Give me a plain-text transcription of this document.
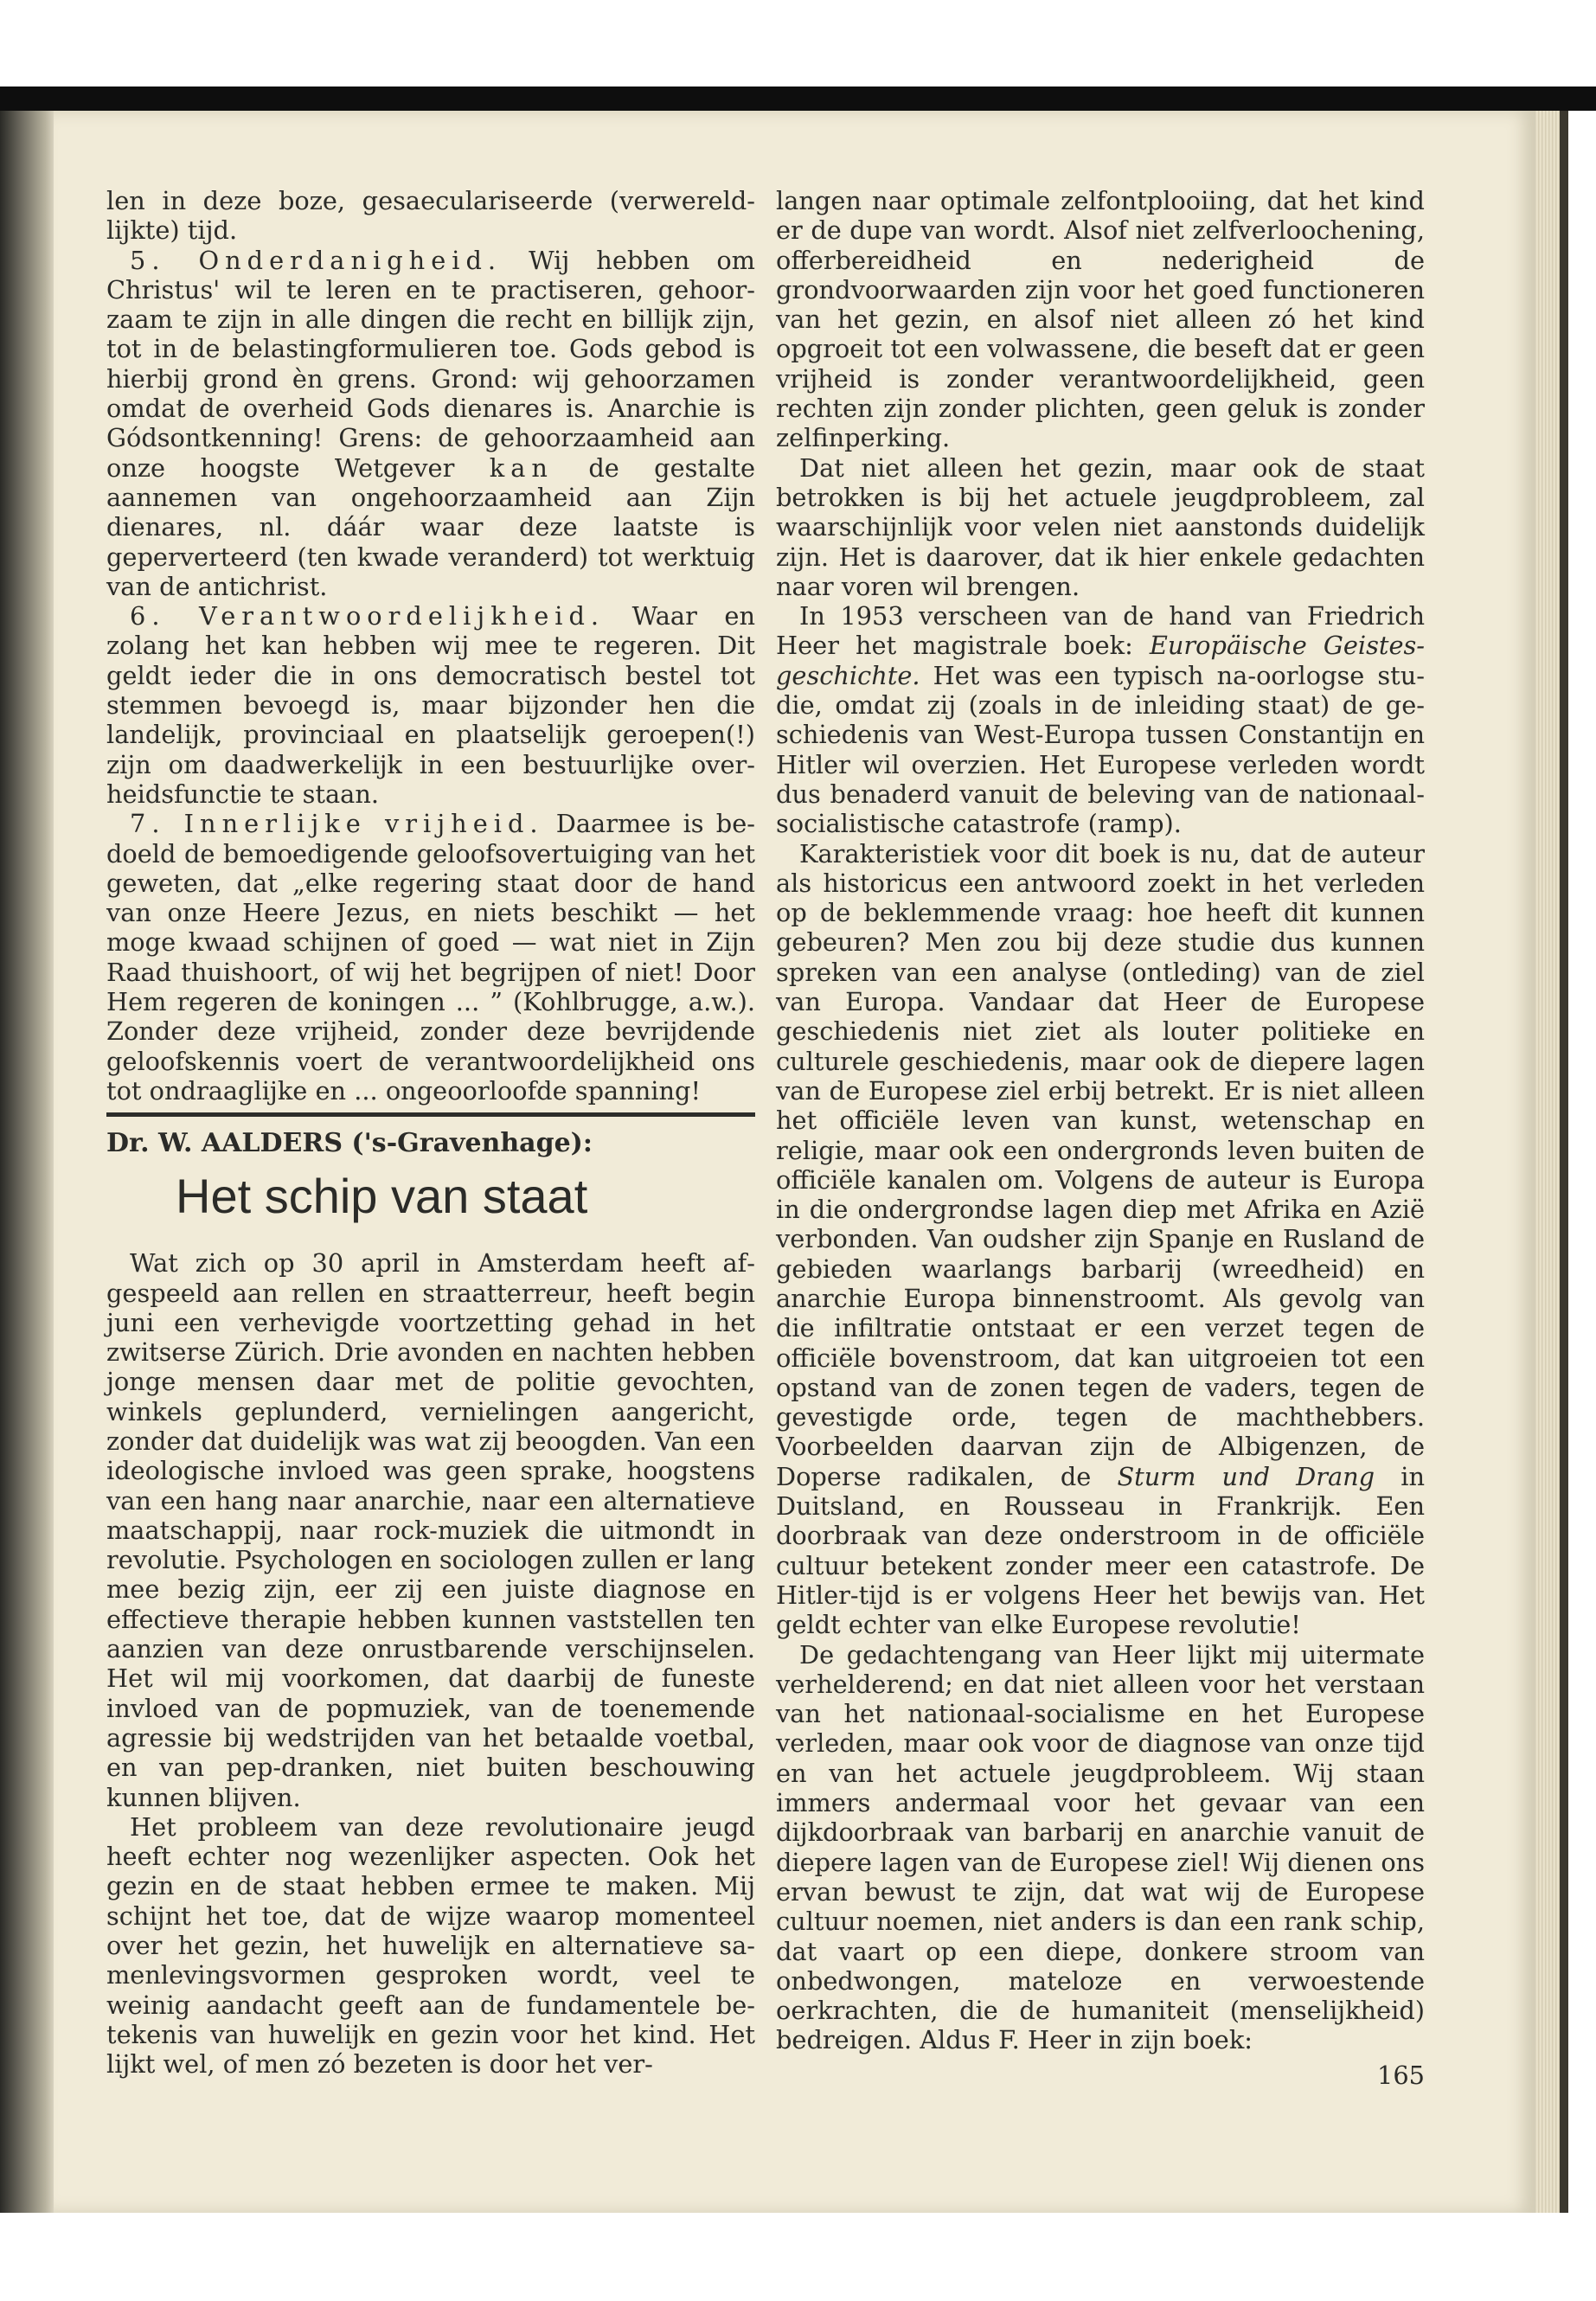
len in deze boze, gesaeculariseerde (verwereldlijkte) tijd.

5. Onderdanigheid. Wij hebben om Christus' wil te leren en te practiseren, gehoorzaam te zijn in alle dingen die recht en billijk zijn, tot in de belastingformulieren toe. Gods gebod is hierbij grond èn grens. Grond: wij gehoorzamen omdat de overheid Gods dienares is. Anarchie is Gódsontkenning! Grens: de gehoorzaamheid aan onze hoogste Wetgever kan de gestalte aannemen van ongehoorzaamheid aan Zijn dienares, nl. dáár waar deze laatste is geperverteerd (ten kwade veranderd) tot werktuig van de antichrist.

6. Verantwoordelijkheid. Waar en zolang het kan hebben wij mee te regeren. Dit geldt ieder die in ons democratisch bestel tot stemmen bevoegd is, maar bijzonder hen die landelijk, provinciaal en plaatselijk geroepen(!) zijn om daadwerkelijk in een bestuurlijke overheidsfunctie te staan.

7. Innerlijke vrijheid. Daarmee is bedoeld de bemoedigende geloofsovertuiging van het geweten, dat „elke regering staat door de hand van onze Heere Jezus, en niets beschikt — het moge kwaad schijnen of goed — wat niet in Zijn Raad thuishoort, of wij het begrijpen of niet! Door Hem regeren de koningen ... ” (Kohlbrugge, a.w.). Zonder deze vrijheid, zonder deze bevrijdende geloofskennis voert de verantwoordelijkheid ons tot ondraaglijke en ... ongeoorloofde spanning!

Dr. W. AALDERS ('s-Gravenhage):
Het schip van staat

Wat zich op 30 april in Amsterdam heeft afgespeeld aan rellen en straatterreur, heeft begin juni een verhevigde voortzetting gehad in het zwitserse Zürich. Drie avonden en nachten hebben jonge mensen daar met de politie gevochten, winkels geplunderd, vernielingen aangericht, zonder dat duidelijk was wat zij beoogden. Van een ideologische invloed was geen sprake, hoogstens van een hang naar anarchie, naar een alternatieve maatschappij, naar rock-muziek die uitmondt in revolutie. Psychologen en sociologen zullen er lang mee bezig zijn, eer zij een juiste diagnose en effectieve therapie hebben kunnen vaststellen ten aanzien van deze onrustbarende verschijnselen. Het wil mij voorkomen, dat daarbij de funeste invloed van de popmuziek, van de toenemende agressie bij wedstrijden van het betaalde voetbal, en van pep-dranken, niet buiten beschouwing kunnen blijven.

Het probleem van deze revolutionaire jeugd heeft echter nog wezenlijker aspecten. Ook het gezin en de staat hebben ermee te maken. Mij schijnt het toe, dat de wijze waarop momenteel over het gezin, het huwelijk en alternatieve samenlevingsvormen gesproken wordt, veel te weinig aandacht geeft aan de fundamentele betekenis van huwelijk en gezin voor het kind. Het lijkt wel, of men zó bezeten is door het ver-

langen naar optimale zelfontplooiing, dat het kind er de dupe van wordt. Alsof niet zelfverloochening, offerbereidheid en nederigheid de grondvoorwaarden zijn voor het goed functioneren van het gezin, en alsof niet alleen zó het kind opgroeit tot een volwassene, die beseft dat er geen vrijheid is zonder verantwoordelijkheid, geen rechten zijn zonder plichten, geen geluk is zonder zelfinperking.

Dat niet alleen het gezin, maar ook de staat betrokken is bij het actuele jeugdprobleem, zal waarschijnlijk voor velen niet aanstonds duidelijk zijn. Het is daarover, dat ik hier enkele gedachten naar voren wil brengen.

In 1953 verscheen van de hand van Friedrich Heer het magistrale boek: Europäische Geistesgeschichte. Het was een typisch na-oorlogse studie, omdat zij (zoals in de inleiding staat) de geschiedenis van West-Europa tussen Constantijn en Hitler wil overzien. Het Europese verleden wordt dus benaderd vanuit de beleving van de nationaal-socialistische catastrofe (ramp).

Karakteristiek voor dit boek is nu, dat de auteur als historicus een antwoord zoekt in het verleden op de beklemmende vraag: hoe heeft dit kunnen gebeuren? Men zou bij deze studie dus kunnen spreken van een analyse (ontleding) van de ziel van Europa. Vandaar dat Heer de Europese geschiedenis niet ziet als louter politieke en culturele geschiedenis, maar ook de diepere lagen van de Europese ziel erbij betrekt. Er is niet alleen het officiële leven van kunst, wetenschap en religie, maar ook een ondergronds leven buiten de officiële kanalen om. Volgens de auteur is Europa in die ondergrondse lagen diep met Afrika en Azië verbonden. Van oudsher zijn Spanje en Rusland de gebieden waarlangs barbarij (wreedheid) en anarchie Europa binnenstroomt. Als gevolg van die infiltratie ontstaat er een verzet tegen de officiële bovenstroom, dat kan uitgroeien tot een opstand van de zonen tegen de vaders, tegen de gevestigde orde, tegen de machthebbers. Voorbeelden daarvan zijn de Albigenzen, de Doperse radikalen, de Sturm und Drang in Duitsland, en Rousseau in Frankrijk. Een doorbraak van deze onderstroom in de officiële cultuur betekent zonder meer een catastrofe. De Hitler-tijd is er volgens Heer het bewijs van. Het geldt echter van elke Europese revolutie!

De gedachtengang van Heer lijkt mij uitermate verhelderend; en dat niet alleen voor het verstaan van het nationaal-socialisme en het Europese verleden, maar ook voor de diagnose van onze tijd en van het actuele jeugdprobleem. Wij staan immers andermaal voor het gevaar van een dijkdoorbraak van barbarij en anarchie vanuit de diepere lagen van de Europese ziel! Wij dienen ons ervan bewust te zijn, dat wat wij de Europese cultuur noemen, niet anders is dan een rank schip, dat vaart op een diepe, donkere stroom van onbedwongen, mateloze en verwoestende oerkrachten, die de humaniteit (menselijkheid) bedreigen. Aldus F. Heer in zijn boek:

165
